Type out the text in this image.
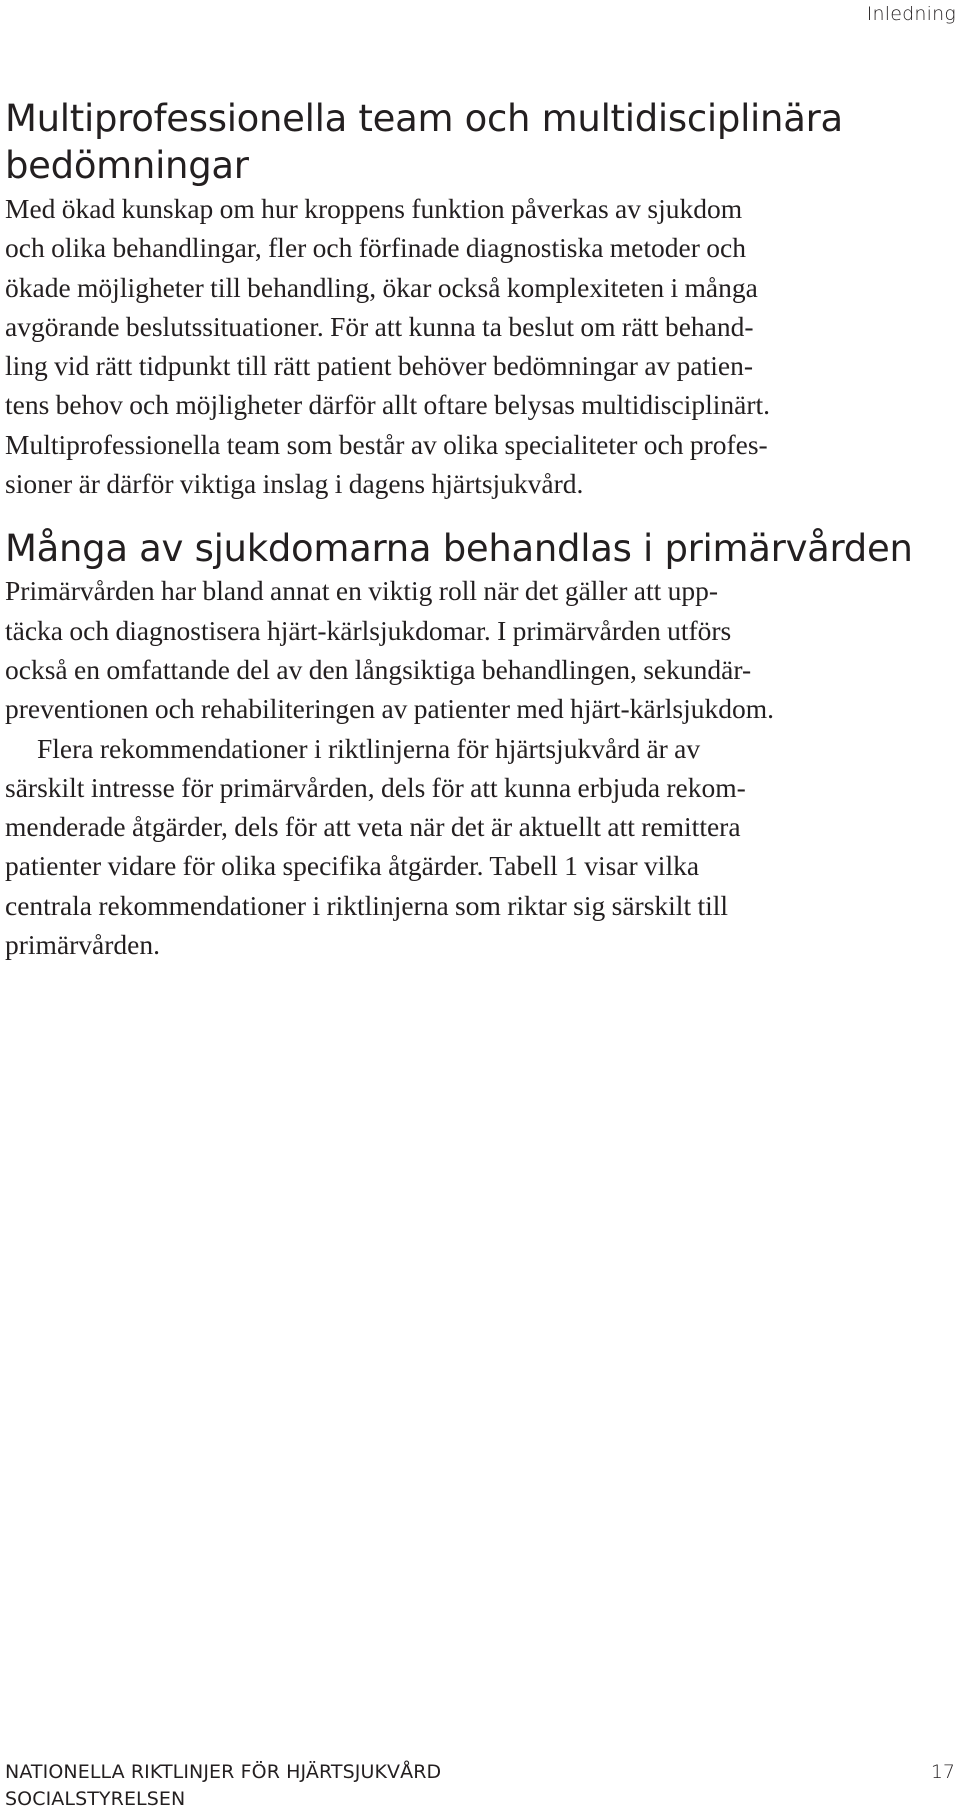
Inledning
Multiprofessionella team och multidisciplinära
bedömningar

Med ökad kunskap om hur kroppens funktion påverkas av sjukdom
och olika behandlingar, fler och förfinade diagnostiska metoder och
ökade möjligheter till behandling, ökar också komplexiteten i många
avgörande beslutssituationer. För att kunna ta beslut om rätt behand-
ling vid rätt tidpunkt till rätt patient behöver bedömningar av patien-
tens behov och möjligheter därför allt oftare belysas multidisciplinärt.
Multiprofessionella team som består av olika specialiteter och profes-
sioner är därför viktiga inslag i dagens hjärtsjukvård.

Många av sjukdomarna behandlas i primärvården

Primärvården har bland annat en viktig roll när det gäller att upp-
täcka och diagnostisera hjärt-kärlsjukdomar. I primärvården utförs
också en omfattande del av den långsiktiga behandlingen, sekundär-
preventionen och rehabiliteringen av patienter med hjärt-kärlsjukdom.

Flera rekommendationer i riktlinjerna för hjärtsjukvård är av
särskilt intresse för primärvården, dels för att kunna erbjuda rekom-
menderade åtgärder, dels för att veta när det är aktuellt att remittera
patienter vidare för olika specifika åtgärder. Tabell 1 visar vilka
centrala rekommendationer i riktlinjerna som riktar sig särskilt till
primärvården.

NATIONELLA RIKTLINJER FÖR HJÄRTSJUKVÅRD
SOCIALSTYRELSEN
17
